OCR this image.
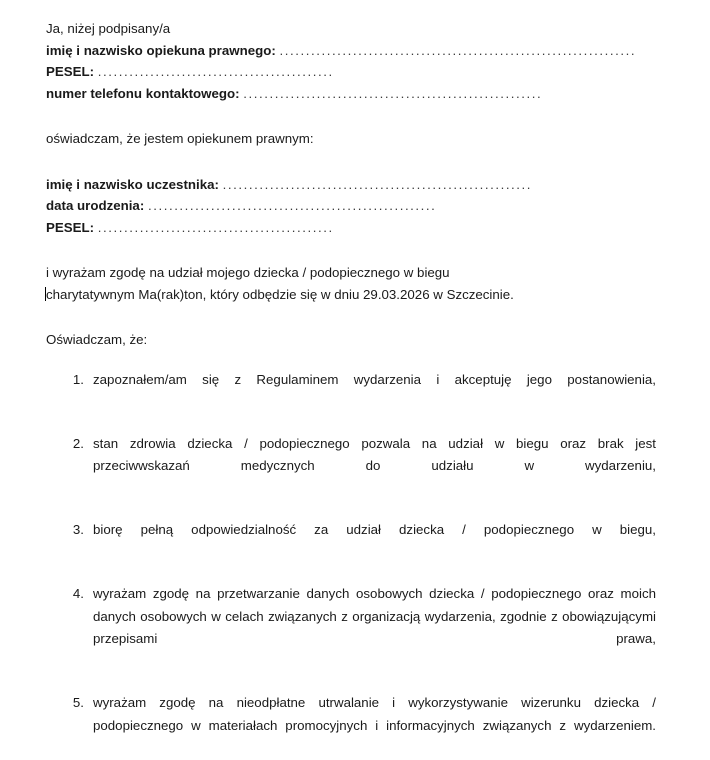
Ja, niżej podpisany/a
imię i nazwisko opiekuna prawnego: ....................................................................
PESEL: .............................................
numer telefonu kontaktowego: .........................................................
oświadczam, że jestem opiekunem prawnym:
imię i nazwisko uczestnika: ...........................................................
data urodzenia: .......................................................
PESEL: .............................................
i wyrażam zgodę na udział mojego dziecka / podopiecznego w biegu
charytatywnym Ma(rak)ton, który odbędzie się w dniu 29.03.2026 w Szczecinie.
Oświadczam, że:
1. zapoznałem/am się z Regulaminem wydarzenia i akceptuję jego postanowienia,
2. stan zdrowia dziecka / podopiecznego pozwala na udział w biegu oraz brak jest przeciwwskazań medycznych do udziału w wydarzeniu,
3. biorę pełną odpowiedzialność za udział dziecka / podopiecznego w biegu,
4. wyrażam zgodę na przetwarzanie danych osobowych dziecka / podopiecznego oraz moich danych osobowych w celach związanych z organizacją wydarzenia, zgodnie z obowiązującymi przepisami prawa,
5. wyrażam zgodę na nieodpłatne utrwalanie i wykorzystywanie wizerunku dziecka / podopiecznego w materiałach promocyjnych i informacyjnych związanych z wydarzeniem.
